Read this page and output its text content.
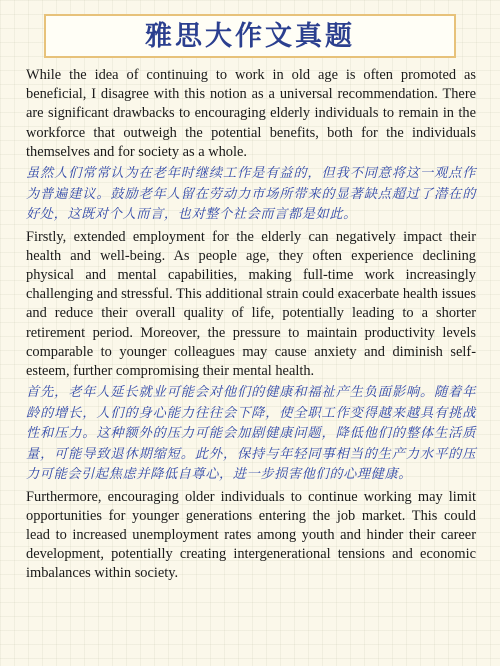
雅思大作文真题

While the idea of continuing to work in old age is often promoted as beneficial, I disagree with this notion as a universal recommendation. There are significant drawbacks to encouraging elderly individuals to remain in the workforce that outweigh the potential benefits, both for the individuals themselves and for society as a whole.

虽然人们常常认为在老年时继续工作是有益的，但我不同意将这一观点作为普遍建议。鼓励老年人留在劳动力市场所带来的显著缺点超过了潜在的好处，这既对个人而言，也对整个社会而言都是如此。

Firstly, extended employment for the elderly can negatively impact their health and well-being. As people age, they often experience declining physical and mental capabilities, making full-time work increasingly challenging and stressful. This additional strain could exacerbate health issues and reduce their overall quality of life, potentially leading to a shorter retirement period. Moreover, the pressure to maintain productivity levels comparable to younger colleagues may cause anxiety and diminish self-esteem, further compromising their mental health.

首先，老年人延长就业可能会对他们的健康和福祉产生负面影响。随着年龄的增长，人们的身心能力往往会下降，使全职工作变得越来越具有挑战性和压力。这种额外的压力可能会加剧健康问题，降低他们的整体生活质量，可能导致退休期缩短。此外，保持与年轻同事相当的生产力水平的压力可能会引起焦虑并降低自尊心，进一步损害他们的心理健康。

Furthermore, encouraging older individuals to continue working may limit opportunities for younger generations entering the job market. This could lead to increased unemployment rates among youth and hinder their career development, potentially creating intergenerational tensions and economic imbalances within society.
